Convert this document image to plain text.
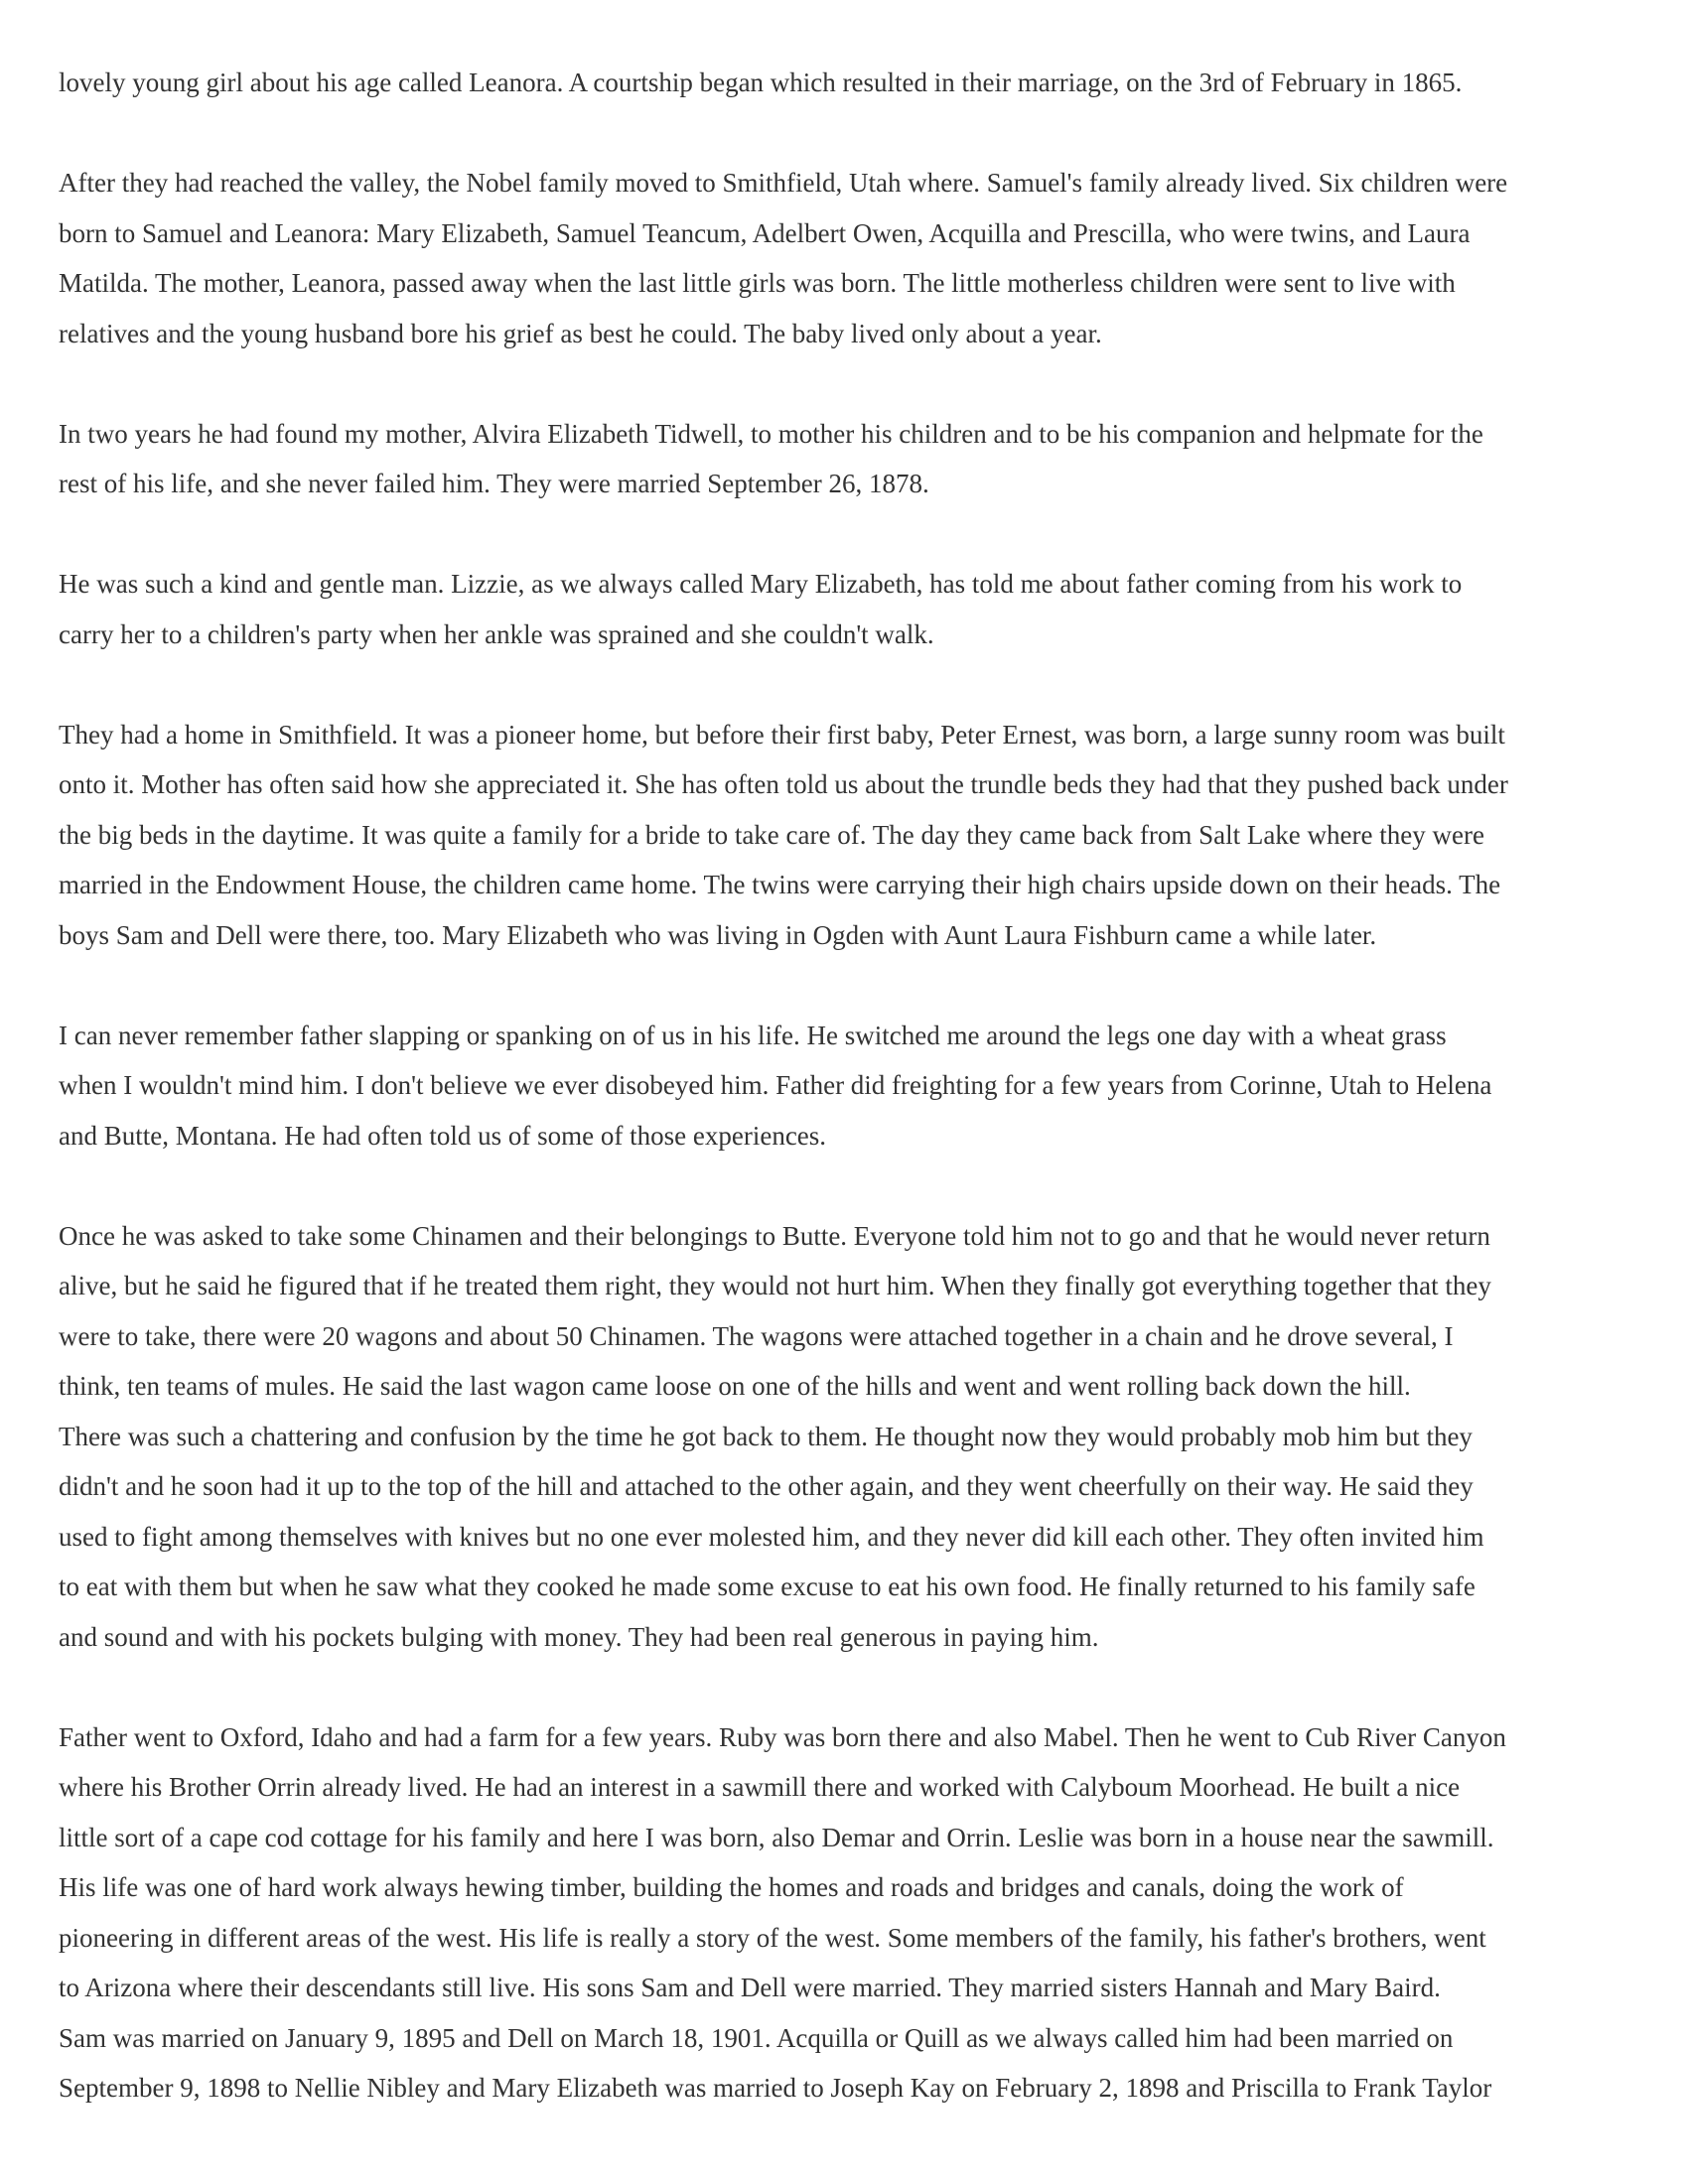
lovely young girl about his age called Leanora. A courtship began which resulted in their marriage, on the 3rd of February in 1865.

After they had reached the valley, the Nobel family moved to Smithfield, Utah where. Samuel's family already lived. Six children were
born to Samuel and Leanora: Mary Elizabeth, Samuel Teancum, Adelbert Owen, Acquilla and Prescilla, who were twins, and Laura
Matilda. The mother, Leanora, passed away when the last little girls was born. The little motherless children were sent to live with
relatives and the young husband bore his grief as best he could. The baby lived only about a year.

In two years he had found my mother, Alvira Elizabeth Tidwell, to mother his children and to be his companion and helpmate for the
rest of his life, and she never failed him. They were married September 26, 1878.

He was such a kind and gentle man. Lizzie, as we always called Mary Elizabeth, has told me about father coming from his work to
carry her to a children's party when her ankle was sprained and she couldn't walk.

They had a home in Smithfield. It was a pioneer home, but before their first baby, Peter Ernest, was born, a large sunny room was built
onto it. Mother has often said how she appreciated it. She has often told us about the trundle beds they had that they pushed back under
the big beds in the daytime. It was quite a family for a bride to take care of. The day they came back from Salt Lake where they were
married in the Endowment House, the children came home. The twins were carrying their high chairs upside down on their heads. The
boys Sam and Dell were there, too. Mary Elizabeth who was living in Ogden with Aunt Laura Fishburn came a while later.

I can never remember father slapping or spanking on of us in his life. He switched me around the legs one day with a wheat grass
when I wouldn't mind him. I don't believe we ever disobeyed him. Father did freighting for a few years from Corinne, Utah to Helena
and Butte, Montana. He had often told us of some of those experiences.

Once he was asked to take some Chinamen and their belongings to Butte. Everyone told him not to go and that he would never return
alive, but he said he figured that if he treated them right, they would not hurt him. When they finally got everything together that they
were to take, there were 20 wagons and about 50 Chinamen. The wagons were attached together in a chain and he drove several, I
think, ten teams of mules. He said the last wagon came loose on one of the hills and went and went rolling back down the hill.
There was such a chattering and confusion by the time he got back to them. He thought now they would probably mob him but they
didn't and he soon had it up to the top of the hill and attached to the other again, and they went cheerfully on their way. He said they
used to fight among themselves with knives but no one ever molested him, and they never did kill each other. They often invited him
to eat with them but when he saw what they cooked he made some excuse to eat his own food. He finally returned to his family safe
and sound and with his pockets bulging with money. They had been real generous in paying him.

Father went to Oxford, Idaho and had a farm for a few years. Ruby was born there and also Mabel. Then he went to Cub River Canyon
where his Brother Orrin already lived. He had an interest in a sawmill there and worked with Calyboum Moorhead. He built a nice
little sort of a cape cod cottage for his family and here I was born, also Demar and Orrin. Leslie was born in a house near the sawmill.
His life was one of hard work always hewing timber, building the homes and roads and bridges and canals, doing the work of
pioneering in different areas of the west. His life is really a story of the west. Some members of the family, his father's brothers, went
to Arizona where their descendants still live. His sons Sam and Dell were married. They married sisters Hannah and Mary Baird.
Sam was married on January 9, 1895 and Dell on March 18, 1901. Acquilla or Quill as we always called him had been married on
September 9, 1898 to Nellie Nibley and Mary Elizabeth was married to Joseph Kay on February 2, 1898 and Priscilla to Frank Taylor
